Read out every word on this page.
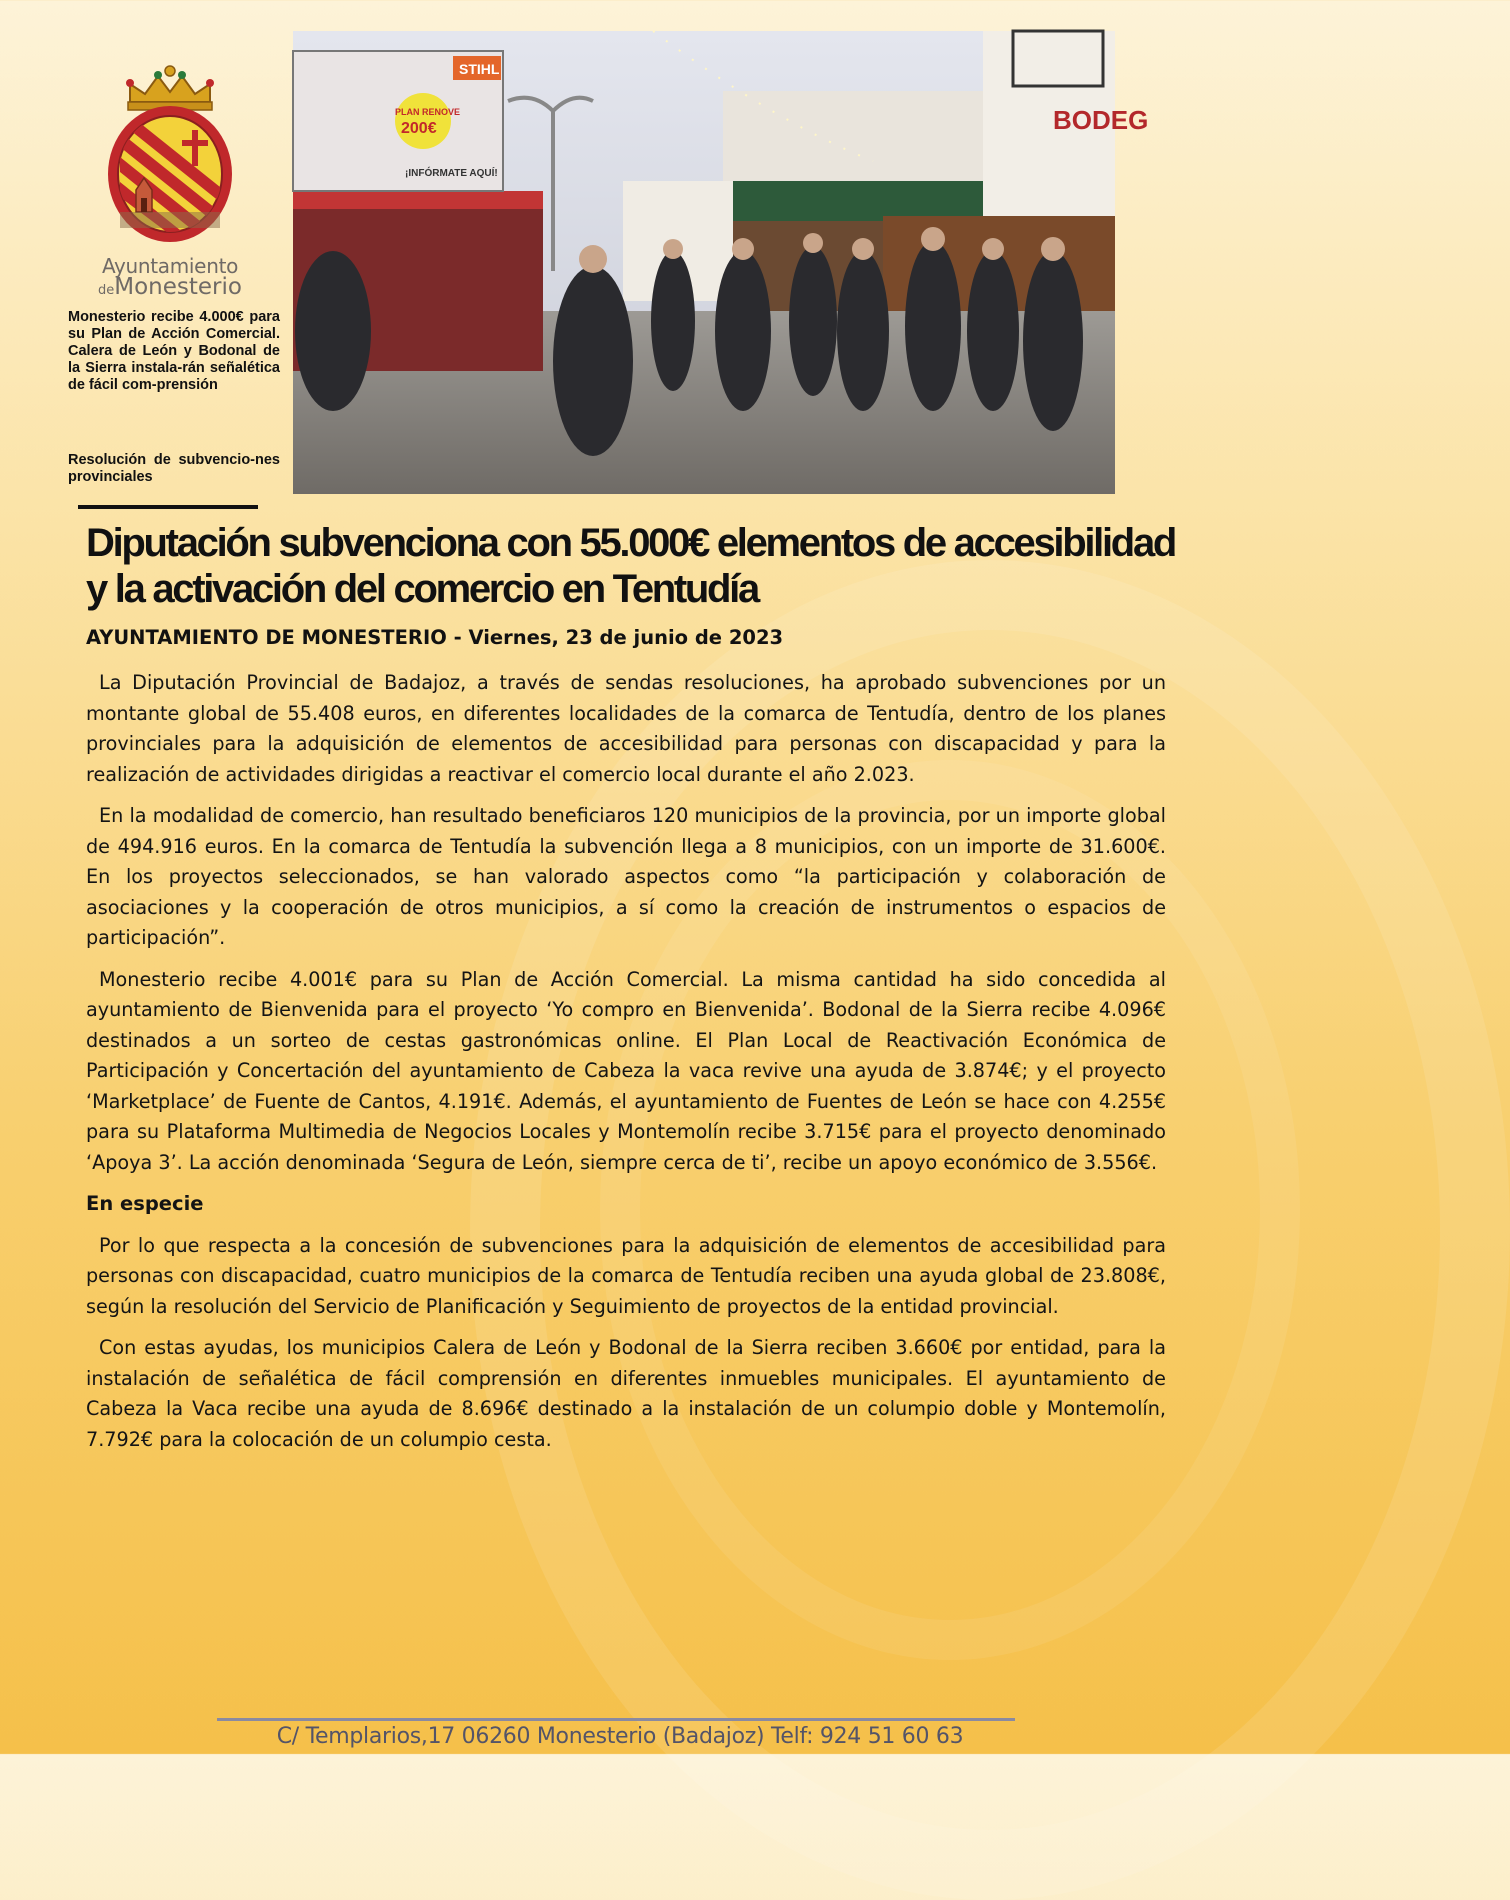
Ayuntamiento
deMonesterio
Monesterio recibe 4.000€ para su Plan de Acción Comercial. Calera de León y Bodonal de la Sierra instala-rán señalética de fácil com-prensión
Resolución de subvencio-nes provinciales
BODEG
STIHL
PLAN RENOVE
200€
¡INFÓRMATE AQUÍ!
Diputación subvenciona con 55.000€ elementos de accesibilidad y la activación del comercio en Tentudía
AYUNTAMIENTO DE MONESTERIO - Viernes, 23 de junio de 2023

La Diputación Provincial de Badajoz, a través de sendas resoluciones, ha aprobado subvenciones por un montante global de 55.408 euros, en diferentes localidades de la comarca de Tentudía, dentro de los planes provinciales para la adquisición de elementos de accesibilidad para personas con discapacidad y para la realización de actividades dirigidas a reactivar el comercio local durante el año 2.023.

En la modalidad de comercio, han resultado beneficiaros 120 municipios de la provincia, por un importe global de 494.916 euros. En la comarca de Tentudía la subvención llega a 8 municipios, con un importe de 31.600€. En los proyectos seleccionados, se han valorado aspectos como “la participación y colaboración de asociaciones y la cooperación de otros municipios, a sí como la creación de instrumentos o espacios de participación”.

Monesterio recibe 4.001€ para su Plan de Acción Comercial. La misma cantidad ha sido concedida al ayuntamiento de Bienvenida para el proyecto ‘Yo compro en Bienvenida’. Bodonal de la Sierra recibe 4.096€ destinados a un sorteo de cestas gastronómicas online. El Plan Local de Reactivación Económica de Participación y Concertación del ayuntamiento de Cabeza la vaca revive una ayuda de 3.874€; y el proyecto ‘Marketplace’ de Fuente de Cantos, 4.191€. Además, el ayuntamiento de Fuentes de León se hace con 4.255€ para su Plataforma Multimedia de Negocios Locales y Montemolín recibe 3.715€ para el proyecto denominado ‘Apoya 3’. La acción denominada ‘Segura de León, siempre cerca de ti’, recibe un apoyo económico de 3.556€.

En especie

Por lo que respecta a la concesión de subvenciones para la adquisición de elementos de accesibilidad para personas con discapacidad, cuatro municipios de la comarca de Tentudía reciben una ayuda global de 23.808€, según la resolución del Servicio de Planificación y Seguimiento de proyectos de la entidad provincial.

Con estas ayudas, los municipios Calera de León y Bodonal de la Sierra reciben 3.660€ por entidad, para la instalación de señalética de fácil comprensión en diferentes inmuebles municipales. El ayuntamiento de Cabeza la Vaca recibe una ayuda de 8.696€ destinado a la instalación de un columpio doble y Montemolín, 7.792€ para la colocación de un columpio cesta.

C/ Templarios,17 06260 Monesterio (Badajoz) Telf: 924 51 60 63
